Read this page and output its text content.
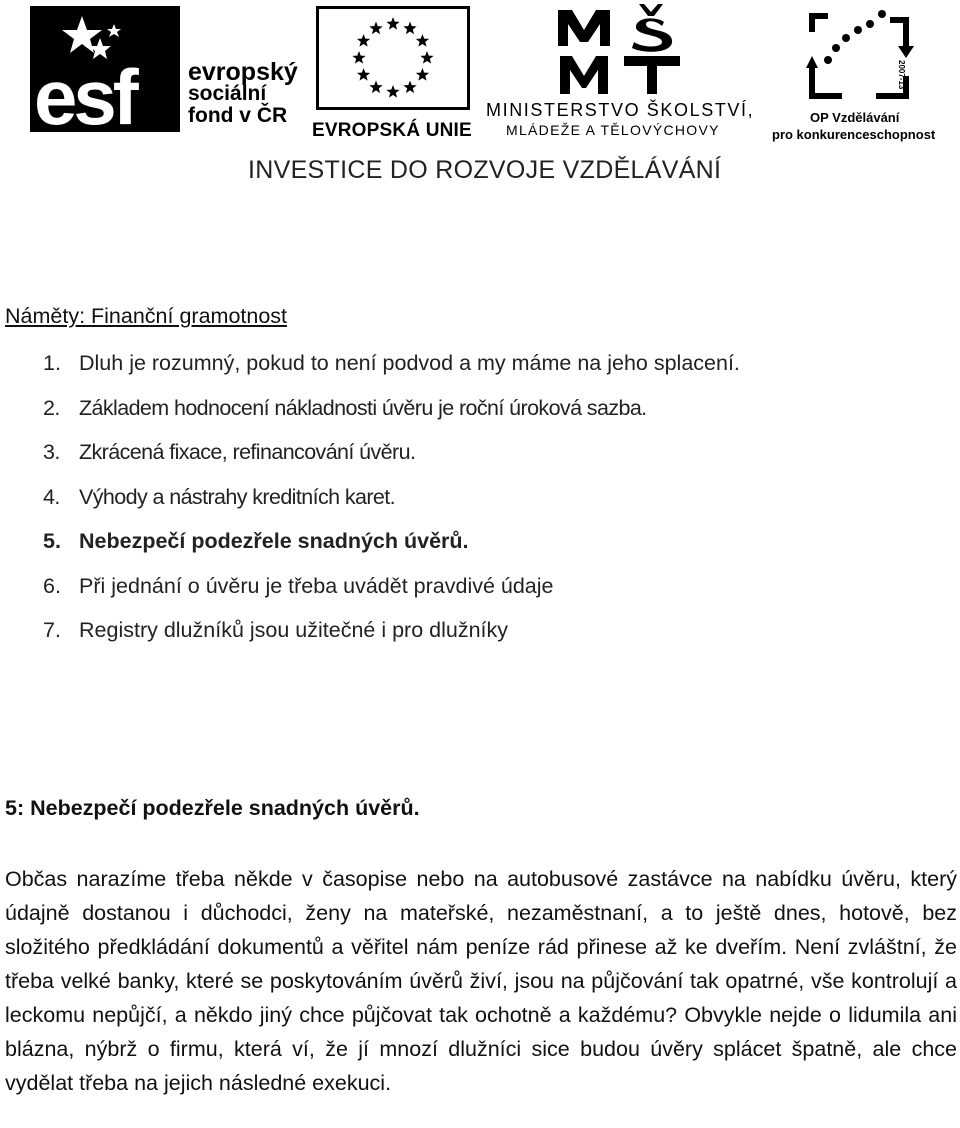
esf evropský
sociální
fond v ČR
EVROPSKÁ UNIE
MINISTERSTVO ŠKOLSTVÍ,
MLÁDEŽE A TĚLOVÝCHOVY
2007-13
OP Vzdělávání
pro konkurenceschopnost
INVESTICE DO ROZVOJE VZDĚLÁVÁNÍ
Náměty: Finanční gramotnost
1. Dluh je rozumný, pokud to není podvod a my máme na jeho splacení.
2. Základem hodnocení nákladnosti úvěru je roční úroková sazba.
3. Zkrácená fixace, refinancování úvěru.
4. Výhody a nástrahy kreditních karet.
5. Nebezpečí podezřele snadných úvěrů.
6. Při jednání o úvěru je třeba uvádět pravdivé údaje
7. Registry dlužníků jsou užitečné i pro dlužníky
5: Nebezpečí podezřele snadných úvěrů.

Občas narazíme třeba někde v časopise nebo na autobusové zastávce na nabídku úvěru, který údajně dostanou i důchodci, ženy na mateřské, nezaměstnaní, a to ještě dnes, hotově, bez složitého předkládání dokumentů a věřitel nám peníze rád přinese až ke dveřím. Není zvláštní, že třeba velké banky, které se poskytováním úvěrů živí, jsou na půjčování tak opatrné, vše kontrolují a leckomu nepůjčí, a někdo jiný chce půjčovat tak ochotně a každému? Obvykle nejde o lidumila ani blázna, nýbrž o firmu, která ví, že jí mnozí dlužníci sice budou úvěry splácet špatně, ale chce vydělat třeba na jejich následné exekuci.
